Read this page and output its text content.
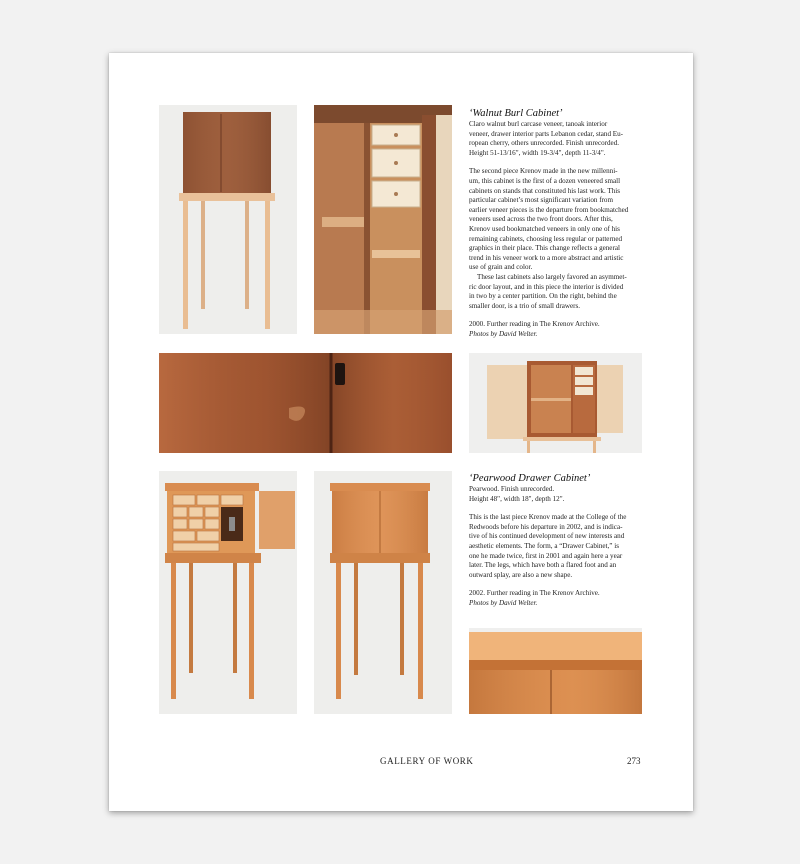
‘Walnut Burl Cabinet’

Claro walnut burl carcase veneer, tanoak interior

veneer, drawer interior parts Lebanon cedar, stand Eu-

ropean cherry, others unrecorded. Finish unrecorded.

Height 51-13/16", width 19-3/4", depth 11-3/4".

The second piece Krenov made in the new millenni-

um, this cabinet is the first of a dozen veneered small

cabinets on stands that constituted his last work. This

particular cabinet’s most significant variation from

earlier veneer pieces is the departure from bookmatched

veneers used across the two front doors. After this,

Krenov used bookmatched veneers in only one of his

remaining cabinets, choosing less regular or patterned

graphics in their place. This change reflects a general

trend in his veneer work to a more abstract and artistic

use of grain and color.

These last cabinets also largely favored an asymmet-

ric door layout, and in this piece the interior is divided

in two by a center partition. On the right, behind the

smaller door, is a trio of small drawers.

2000. Further reading in The Krenov Archive.

Photos by David Welter.

‘Pearwood Drawer Cabinet’

Pearwood. Finish unrecorded.

Height 48", width 18", depth 12".

This is the last piece Krenov made at the College of the

Redwoods before his departure in 2002, and is indica-

tive of his continued development of new interests and

aesthetic elements. The form, a “Drawer Cabinet,” is

one he made twice, first in 2001 and again here a year

later. The legs, which have both a flared foot and an

outward splay, are also a new shape.

2002. Further reading in The Krenov Archive.

Photos by David Welter.

GALLERY OF WORK	273
